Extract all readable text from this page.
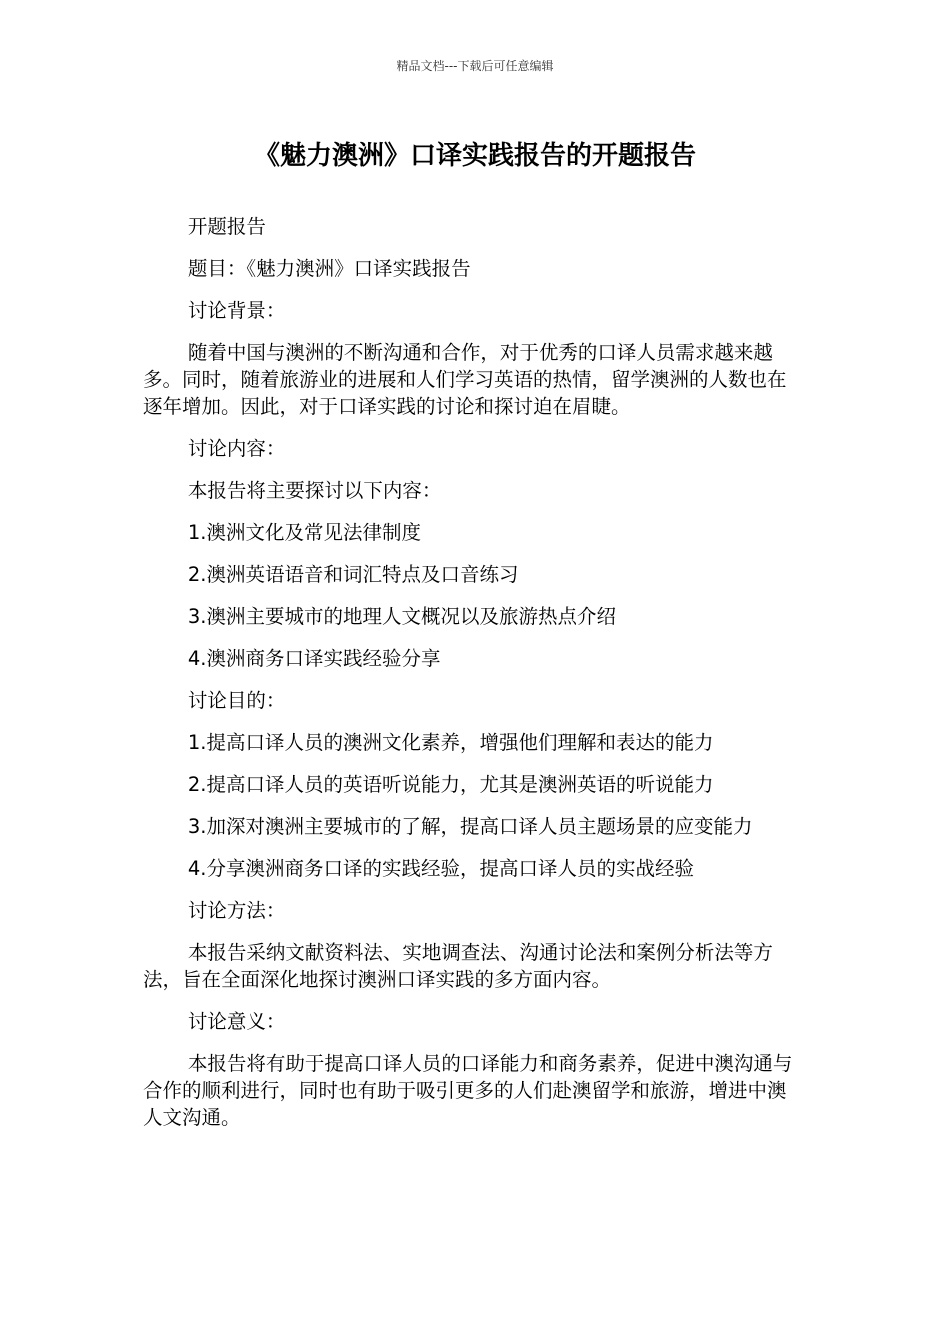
精品文档---下载后可任意编辑
《魅力澳洲》口译实践报告的开题报告

开题报告

题目：《魅力澳洲》口译实践报告

讨论背景：

随着中国与澳洲的不断沟通和合作，对于优秀的口译人员需求越来越多。同时，随着旅游业的进展和人们学习英语的热情，留学澳洲的人数也在逐年增加。因此，对于口译实践的讨论和探讨迫在眉睫。

讨论内容：

本报告将主要探讨以下内容：

1.澳洲文化及常见法律制度

2.澳洲英语语音和词汇特点及口音练习

3.澳洲主要城市的地理人文概况以及旅游热点介绍

4.澳洲商务口译实践经验分享

讨论目的：

1.提高口译人员的澳洲文化素养，增强他们理解和表达的能力

2.提高口译人员的英语听说能力，尤其是澳洲英语的听说能力

3.加深对澳洲主要城市的了解，提高口译人员主题场景的应变能力

4.分享澳洲商务口译的实践经验，提高口译人员的实战经验

讨论方法：

本报告采纳文献资料法、实地调查法、沟通讨论法和案例分析法等方法，旨在全面深化地探讨澳洲口译实践的多方面内容。

讨论意义：

本报告将有助于提高口译人员的口译能力和商务素养，促进中澳沟通与合作的顺利进行，同时也有助于吸引更多的人们赴澳留学和旅游，增进中澳人文沟通。
